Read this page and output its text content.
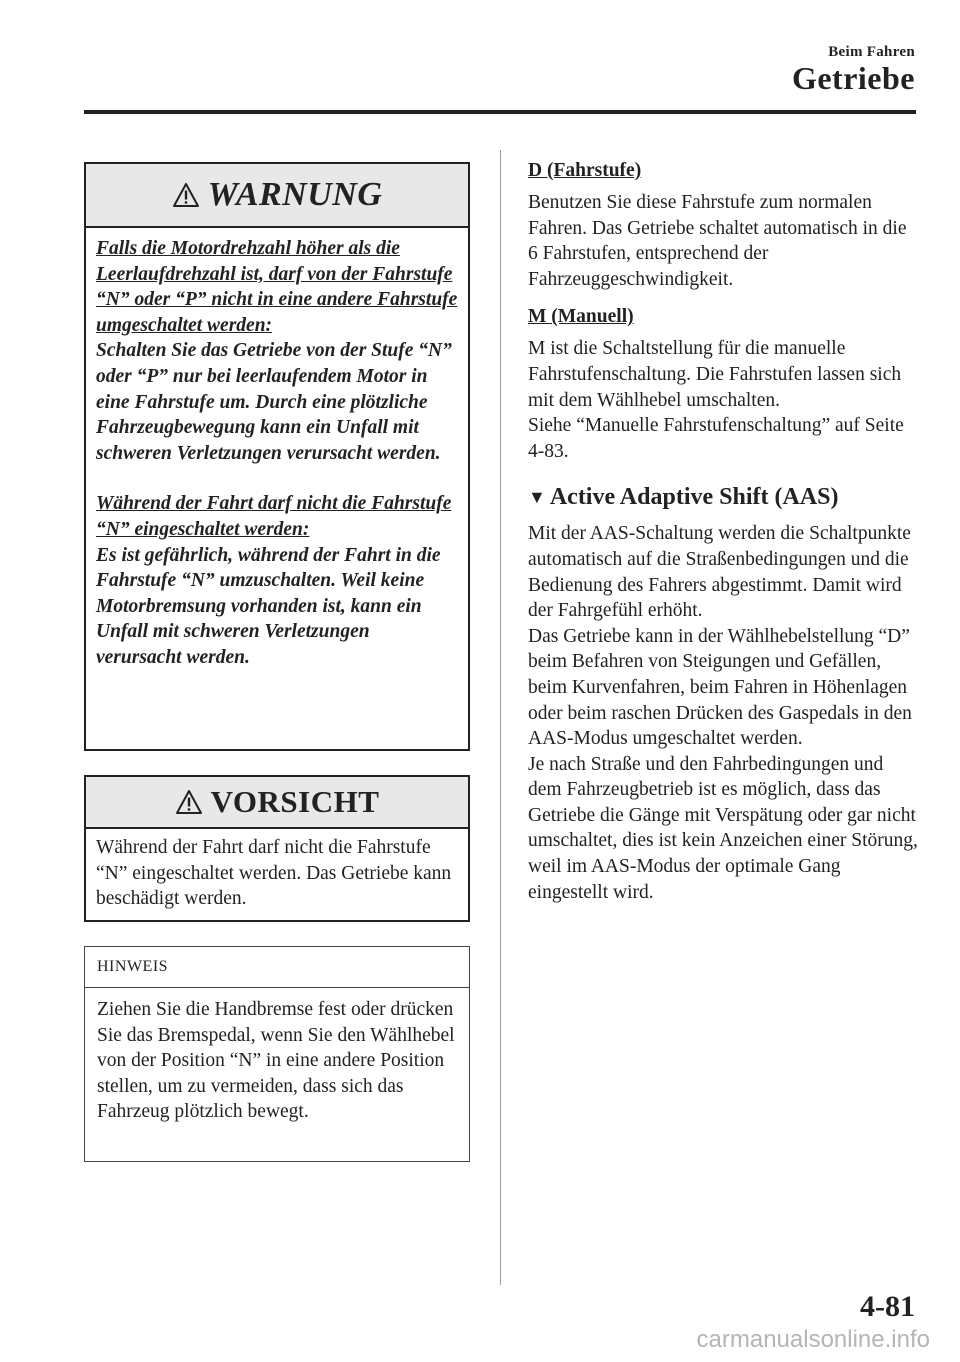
Beim Fahren
Getriebe
WARNUNG
Falls die Motordrehzahl höher als die Leerlaufdrehzahl ist, darf von der Fahrstufe “N” oder “P” nicht in eine andere Fahrstufe umgeschaltet werden:
Schalten Sie das Getriebe von der Stufe “N” oder “P” nur bei leerlaufendem Motor in eine Fahrstufe um. Durch eine plötzliche Fahrzeugbewegung kann ein Unfall mit schweren Verletzungen verursacht werden.
Während der Fahrt darf nicht die Fahrstufe “N” eingeschaltet werden:
Es ist gefährlich, während der Fahrt in die Fahrstufe “N” umzuschalten. Weil keine Motorbremsung vorhanden ist, kann ein Unfall mit schweren Verletzungen verursacht werden.
VORSICHT
Während der Fahrt darf nicht die Fahrstufe “N” eingeschaltet werden. Das Getriebe kann beschädigt werden.
HINWEIS
Ziehen Sie die Handbremse fest oder drücken Sie das Bremspedal, wenn Sie den Wählhebel von der Position “N” in eine andere Position stellen, um zu vermeiden, dass sich das Fahrzeug plötzlich bewegt.
D (Fahrstufe)
Benutzen Sie diese Fahrstufe zum normalen Fahren. Das Getriebe schaltet automatisch in die 6 Fahrstufen, entsprechend der Fahrzeuggeschwindigkeit.
M (Manuell)
M ist die Schaltstellung für die manuelle Fahrstufenschaltung. Die Fahrstufen lassen sich mit dem Wählhebel umschalten.
Siehe “Manuelle Fahrstufenschaltung” auf Seite 4-83.
▼ Active Adaptive Shift (AAS)
Mit der AAS-Schaltung werden die Schaltpunkte automatisch auf die Straßenbedingungen und die Bedienung des Fahrers abgestimmt. Damit wird der Fahrgefühl erhöht.
Das Getriebe kann in der Wählhebelstellung “D” beim Befahren von Steigungen und Gefällen, beim Kurvenfahren, beim Fahren in Höhenlagen oder beim raschen Drücken des Gaspedals in den AAS-Modus umgeschaltet werden.
Je nach Straße und den Fahrbedingungen und dem Fahrzeugbetrieb ist es möglich, dass das Getriebe die Gänge mit Verspätung oder gar nicht umschaltet, dies ist kein Anzeichen einer Störung, weil im AAS-Modus der optimale Gang eingestellt wird.
4-81
carmanualsonline.info
